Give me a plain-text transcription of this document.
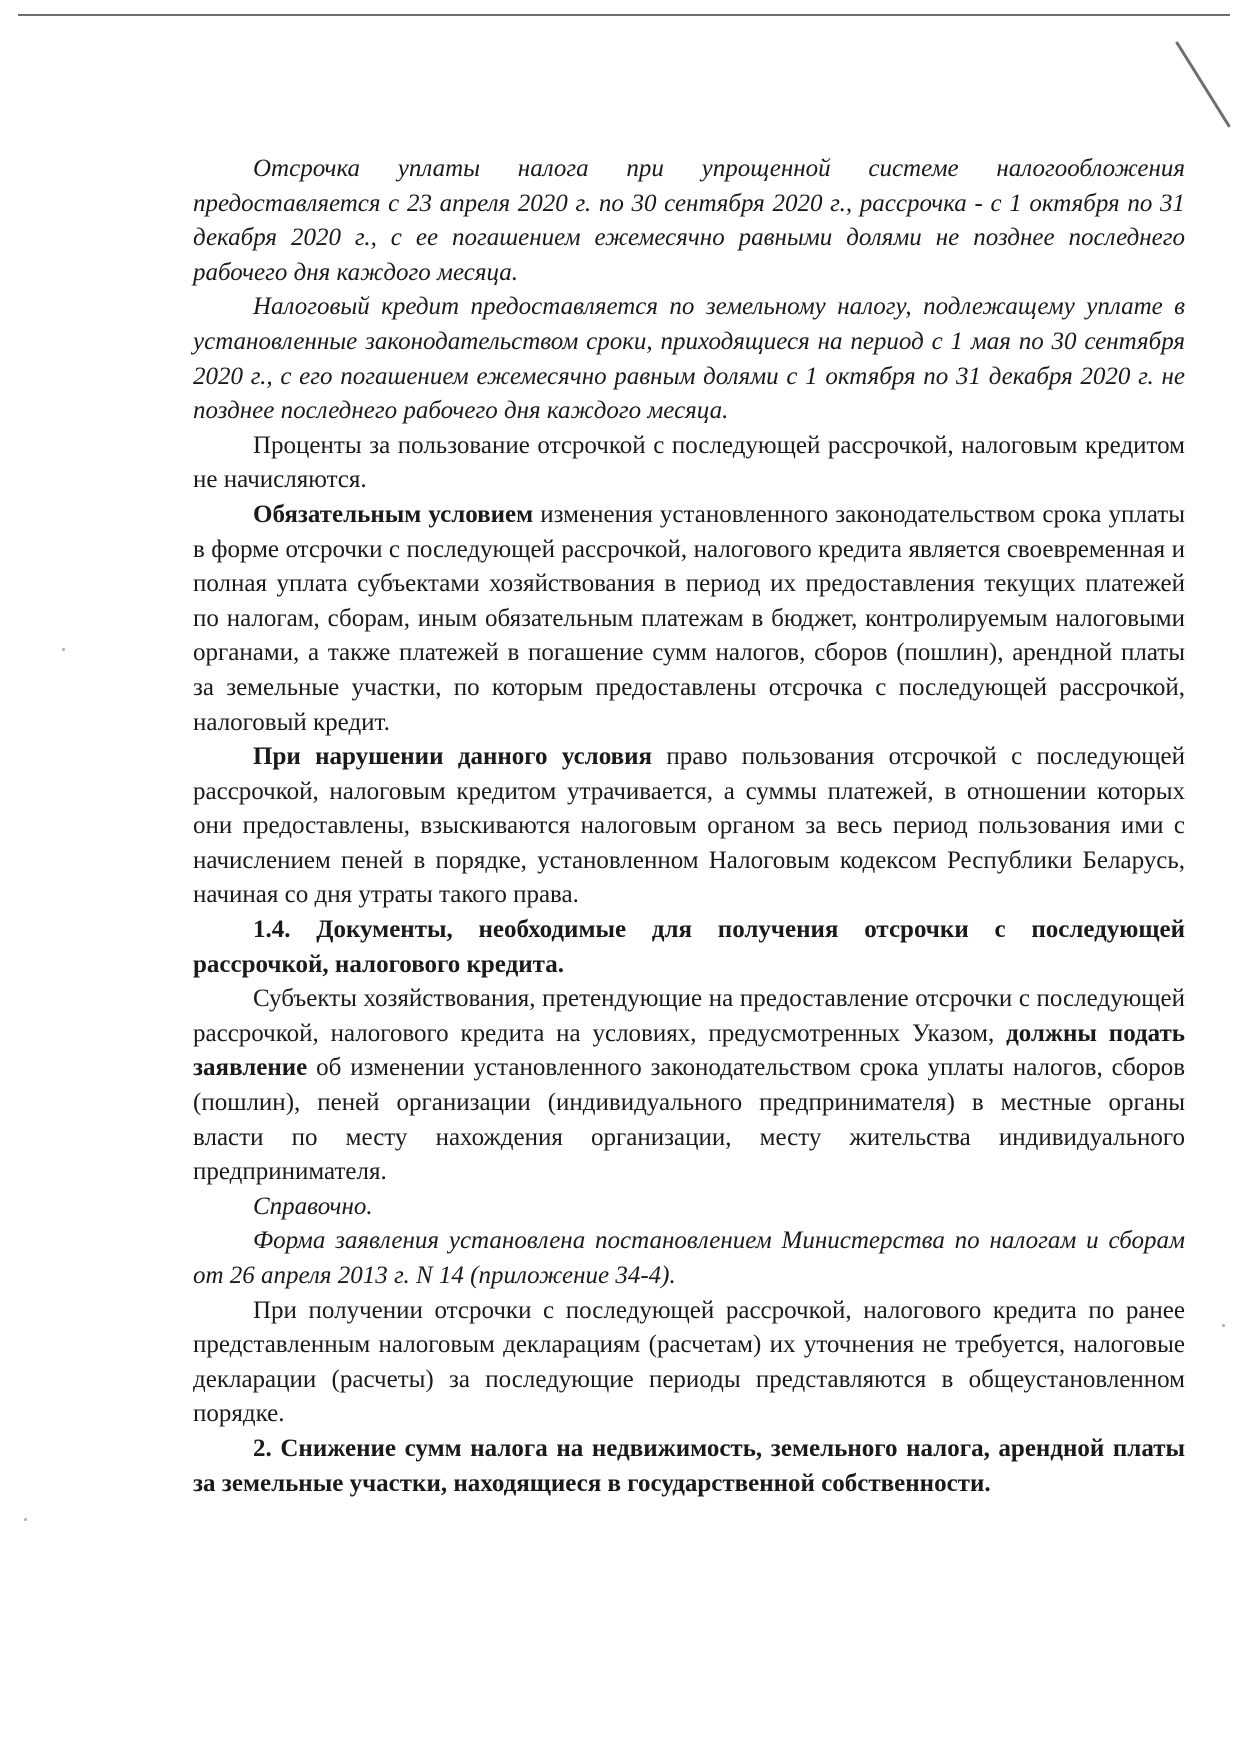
Отсрочка уплаты налога при упрощенной системе налогообложения предоставляется с 23 апреля 2020 г. по 30 сентября 2020 г., рассрочка - с 1 октября по 31 декабря 2020 г., с ее погашением ежемесячно равными долями не позднее последнего рабочего дня каждого месяца.

Налоговый кредит предоставляется по земельному налогу, подлежащему уплате в установленные законодательством сроки, приходящиеся на период с 1 мая по 30 сентября 2020 г., с его погашением ежемесячно равным долями с 1 октября по 31 декабря 2020 г. не позднее последнего рабочего дня каждого месяца.

Проценты за пользование отсрочкой с последующей рассрочкой, налоговым кредитом не начисляются.

Обязательным условием изменения установленного законодательством срока уплаты в форме отсрочки с последующей рассрочкой, налогового кредита является своевременная и полная уплата субъектами хозяйствования в период их предоставления текущих платежей по налогам, сборам, иным обязательным платежам в бюджет, контролируемым налоговыми органами, а также платежей в погашение сумм налогов, сборов (пошлин), арендной платы за земельные участки, по которым предоставлены отсрочка с последующей рассрочкой, налоговый кредит.

При нарушении данного условия право пользования отсрочкой с последующей рассрочкой, налоговым кредитом утрачивается, а суммы платежей, в отношении которых они предоставлены, взыскиваются налоговым органом за весь период пользования ими с начислением пеней в порядке, установленном Налоговым кодексом Республики Беларусь, начиная со дня утраты такого права.

1.4. Документы, необходимые для получения отсрочки с последующей рассрочкой, налогового кредита.

Субъекты хозяйствования, претендующие на предоставление отсрочки с последующей рассрочкой, налогового кредита на условиях, предусмотренных Указом, должны подать заявление об изменении установленного законодательством срока уплаты налогов, сборов (пошлин), пеней организации (индивидуального предпринимателя) в местные органы власти по месту нахождения организации, месту жительства индивидуального предпринимателя.

Справочно.

Форма заявления установлена постановлением Министерства по налогам и сборам от 26 апреля 2013 г. N 14 (приложение 34-4).

При получении отсрочки с последующей рассрочкой, налогового кредита по ранее представленным налоговым декларациям (расчетам) их уточнения не требуется, налоговые декларации (расчеты) за последующие периоды представляются в общеустановленном порядке.

2. Снижение сумм налога на недвижимость, земельного налога, арендной платы за земельные участки, находящиеся в государственной собственности.
